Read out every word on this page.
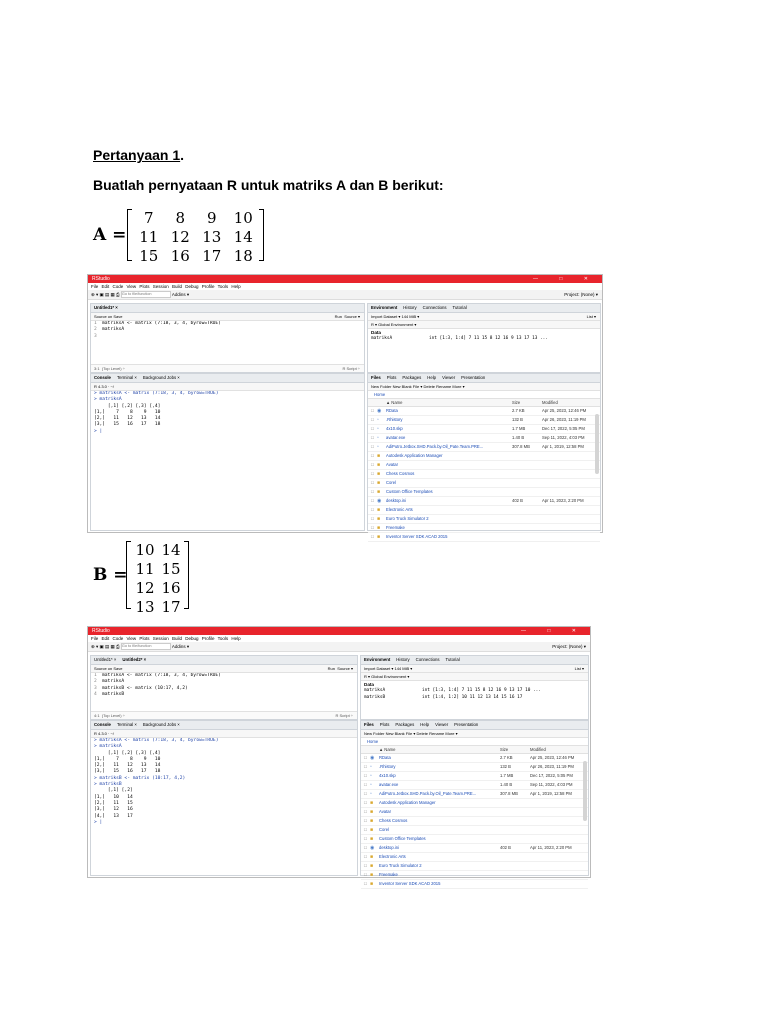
Pertanyaan 1.
Buatlah pernyataan R untuk matriks A dan B berikut:
A =
7	8	9	10
11	12	13	14
15	16	17	18
RStudio	— □ ✕
File Edit Code View Plots Session Build Debug Profile Tools Help
⊕ ▾ ▣ ▤ ▦ ⎙ Go to file/function	Addins ▾	Project: (None) ▾
Untitled1* ×
Source on Save	Run Source ▾
1 matriksA <- matrix (7:18, 3, 4, byrow=TRUE)
2 matriksA
3
3:1 (Top Level) ÷	R Script ÷
Console Terminal × Background Jobs ×
R 4.3.0 · ~/
> matriksA <- matrix (7:18, 3, 4, byrow=TRUE)
> matriksA
[,1] [,2] [,3] [,4]
[1,]    7    8    9   10
[2,]   11   12   13   14
[3,]   15   16   17   18
> |
Environment History Connections Tutorial
Import Dataset ▾ 144 MiB ▾	List ▾
R ▾ Global Environment ▾
Data
matriksA	int [1:3, 1:4] 7 11 15 8 12 16 9 13 17 13 ...
Files Plots Packages Help Viewer Presentation
New Folder New Blank File ▾ Delete Rename More ▾
Home
▲ Name	Size	Modified
☐ ◉	RData	2.7 KB	Apr 25, 2023, 12:46 PM
☐ ▫	.Rhistory	132 B	Apr 26, 2023, 11:19 PM
☐ ▫	4x10.skp	1.7 MB	Dec 17, 2022, 5:05 PM
☐ ▫	avatar.exe	1.40 B	Sep 11, 2022, 4:03 PM
☐ ▫	AdiPutro.Jetbox.SHD.Pack.by.Oil_Pate.Team.PRE...	307.8 MB	Apr 1, 2019, 12:58 PM
☐ ■	Autodesk Application Manager
☐ ■	Avatar
☐ ■	Chess Cosmos
☐ ■	Corel
☐ ■	Custom Office Templates
☐ ◉	desktop.ini	402 B	Apr 11, 2023, 2:20 PM
☐ ■	Electronic Arts
☐ ■	Euro Truck Simulator 2
☐ ■	Freemake
☐ ■	Inventor Server SDK ACAD 2015
B =
10	14
11	15
12	16
13	17
RStudio	— □ ✕
File Edit Code View Plots Session Build Debug Profile Tools Help
⊕ ▾ ▣ ▤ ▦ ⎙ Go to file/function	Addins ▾	Project: (None) ▾
Untitled1* × Untitled2* ×
Source on Save	Run Source ▾
1 matriksA <- matrix (7:18, 3, 4, byrow=TRUE)
2 matriksA
3 matriksB <- matrix (10:17, 4,2)
4 matriksB
4:1 (Top Level) ÷	R Script ÷
Console Terminal × Background Jobs ×
R 4.3.0 · ~/
> matriksA <- matrix (7:18, 3, 4, byrow=TRUE)
> matriksA
[,1] [,2] [,3] [,4]
[1,]    7    8    9   10
[2,]   11   12   13   14
[3,]   15   16   17   18
> matriksB <- matrix (10:17, 4,2)
> matriksB
[,1] [,2]
[1,]   10   14
[2,]   11   15
[3,]   12   16
[4,]   13   17
> |
Environment History Connections Tutorial
Import Dataset ▾ 144 MiB ▾	List ▾
R ▾ Global Environment ▾
Data
matriksA	int [1:3, 1:4] 7 11 15 8 12 16 9 13 17 10 ...
matriksB	int [1:4, 1:2] 10 11 12 13 14 15 16 17
Files Plots Packages Help Viewer Presentation
New Folder New Blank File ▾ Delete Rename More ▾
Home
▲ Name	Size	Modified
☐ ◉	RData	2.7 KB	Apr 25, 2023, 12:46 PM
☐ ▫	.Rhistory	132 B	Apr 26, 2023, 11:19 PM
☐ ▫	4x10.skp	1.7 MB	Dec 17, 2022, 5:05 PM
☐ ▫	avatar.exe	1.40 B	Sep 11, 2022, 4:03 PM
☐ ▫	AdiPutro.Jetbox.SHD.Pack.by.Oil_Pate.Team.PRE...	307.8 MB	Apr 1, 2019, 12:58 PM
☐ ■	Autodesk Application Manager
☐ ■	Avatar
☐ ■	Chess Cosmos
☐ ■	Corel
☐ ■	Custom Office Templates
☐ ◉	desktop.ini	402 B	Apr 11, 2023, 2:20 PM
☐ ■	Electronic Arts
☐ ■	Euro Truck Simulator 2
☐ ■	Freemake
☐ ■	Inventor Server SDK ACAD 2015
